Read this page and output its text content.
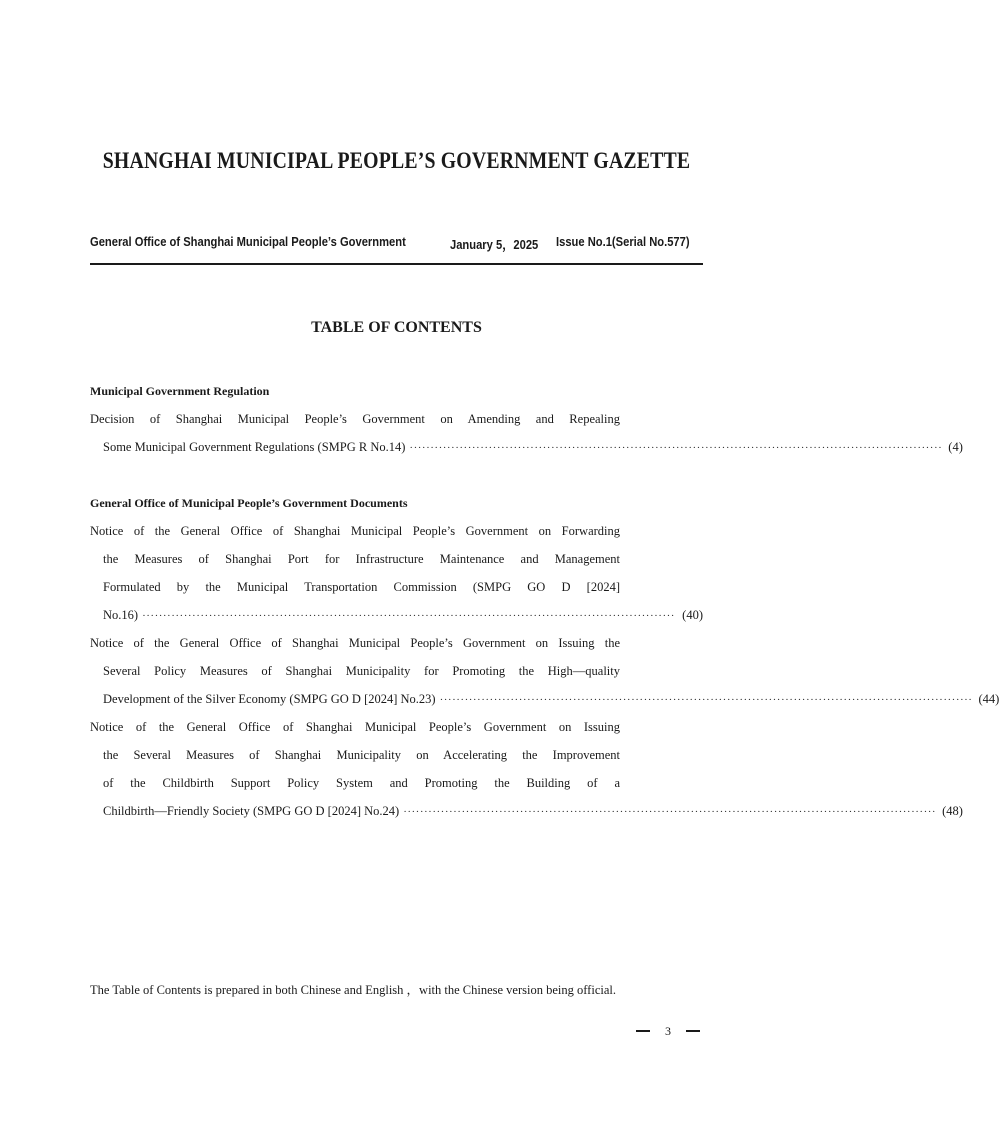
SHANGHAI MUNICIPAL PEOPLE’S GOVERNMENT GAZETTE
General Office of Shanghai Municipal People’s Government	January 5，2025 Issue No.1(Serial No.577)
TABLE OF CONTENTS
Municipal Government Regulation
Decision of Shanghai Municipal People’s Government on Amending and Repealing
Some Municipal Government Regulations (SMPG R No.14) ································································································································ (4)
General Office of Municipal People’s Government Documents
Notice of the General Office of Shanghai Municipal People’s Government on Forwarding
the Measures of Shanghai Port for Infrastructure Maintenance and Management
Formulated by the Municipal Transportation Commission (SMPG GO D [2024]
No.16) ································································································································ (40)
Notice of the General Office of Shanghai Municipal People’s Government on Issuing the
Several Policy Measures of Shanghai Municipality for Promoting the High—quality
Development of the Silver Economy (SMPG GO D [2024] No.23) ································································································································ (44)
Notice of the General Office of Shanghai Municipal People’s Government on Issuing
the Several Measures of Shanghai Municipality on Accelerating the Improvement
of the Childbirth Support Policy System and Promoting the Building of a
Childbirth—Friendly Society (SMPG GO D [2024] No.24) ································································································································ (48)
The Table of Contents is prepared in both Chinese and English ，with the Chinese version being official.
3
